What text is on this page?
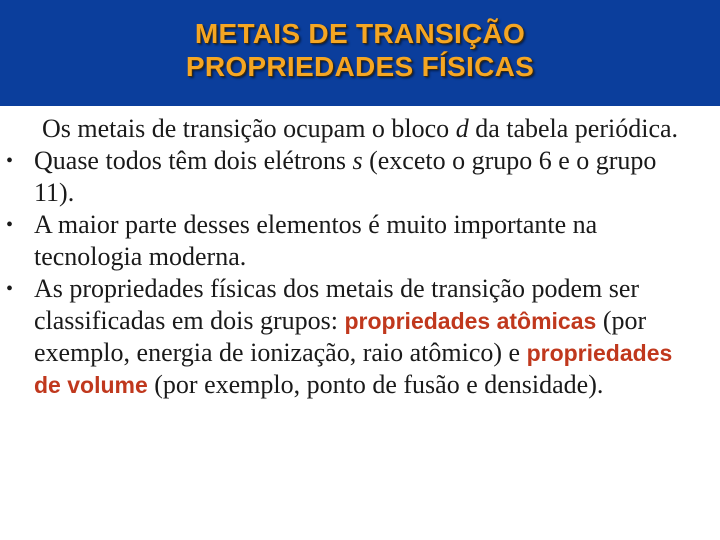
METAIS DE TRANSIÇÃO
PROPRIEDADES FÍSICAS
Os metais de transição ocupam o bloco d da tabela periódica.
• Quase todos têm dois elétrons s (exceto o grupo 6 e o grupo 11).
• A maior parte desses elementos é muito importante na tecnologia moderna.
• As propriedades físicas dos metais de transição podem ser classificadas em dois grupos: propriedades atômicas (por exemplo, energia de ionização, raio atômico) e propriedades de volume (por exemplo, ponto de fusão e densidade).
